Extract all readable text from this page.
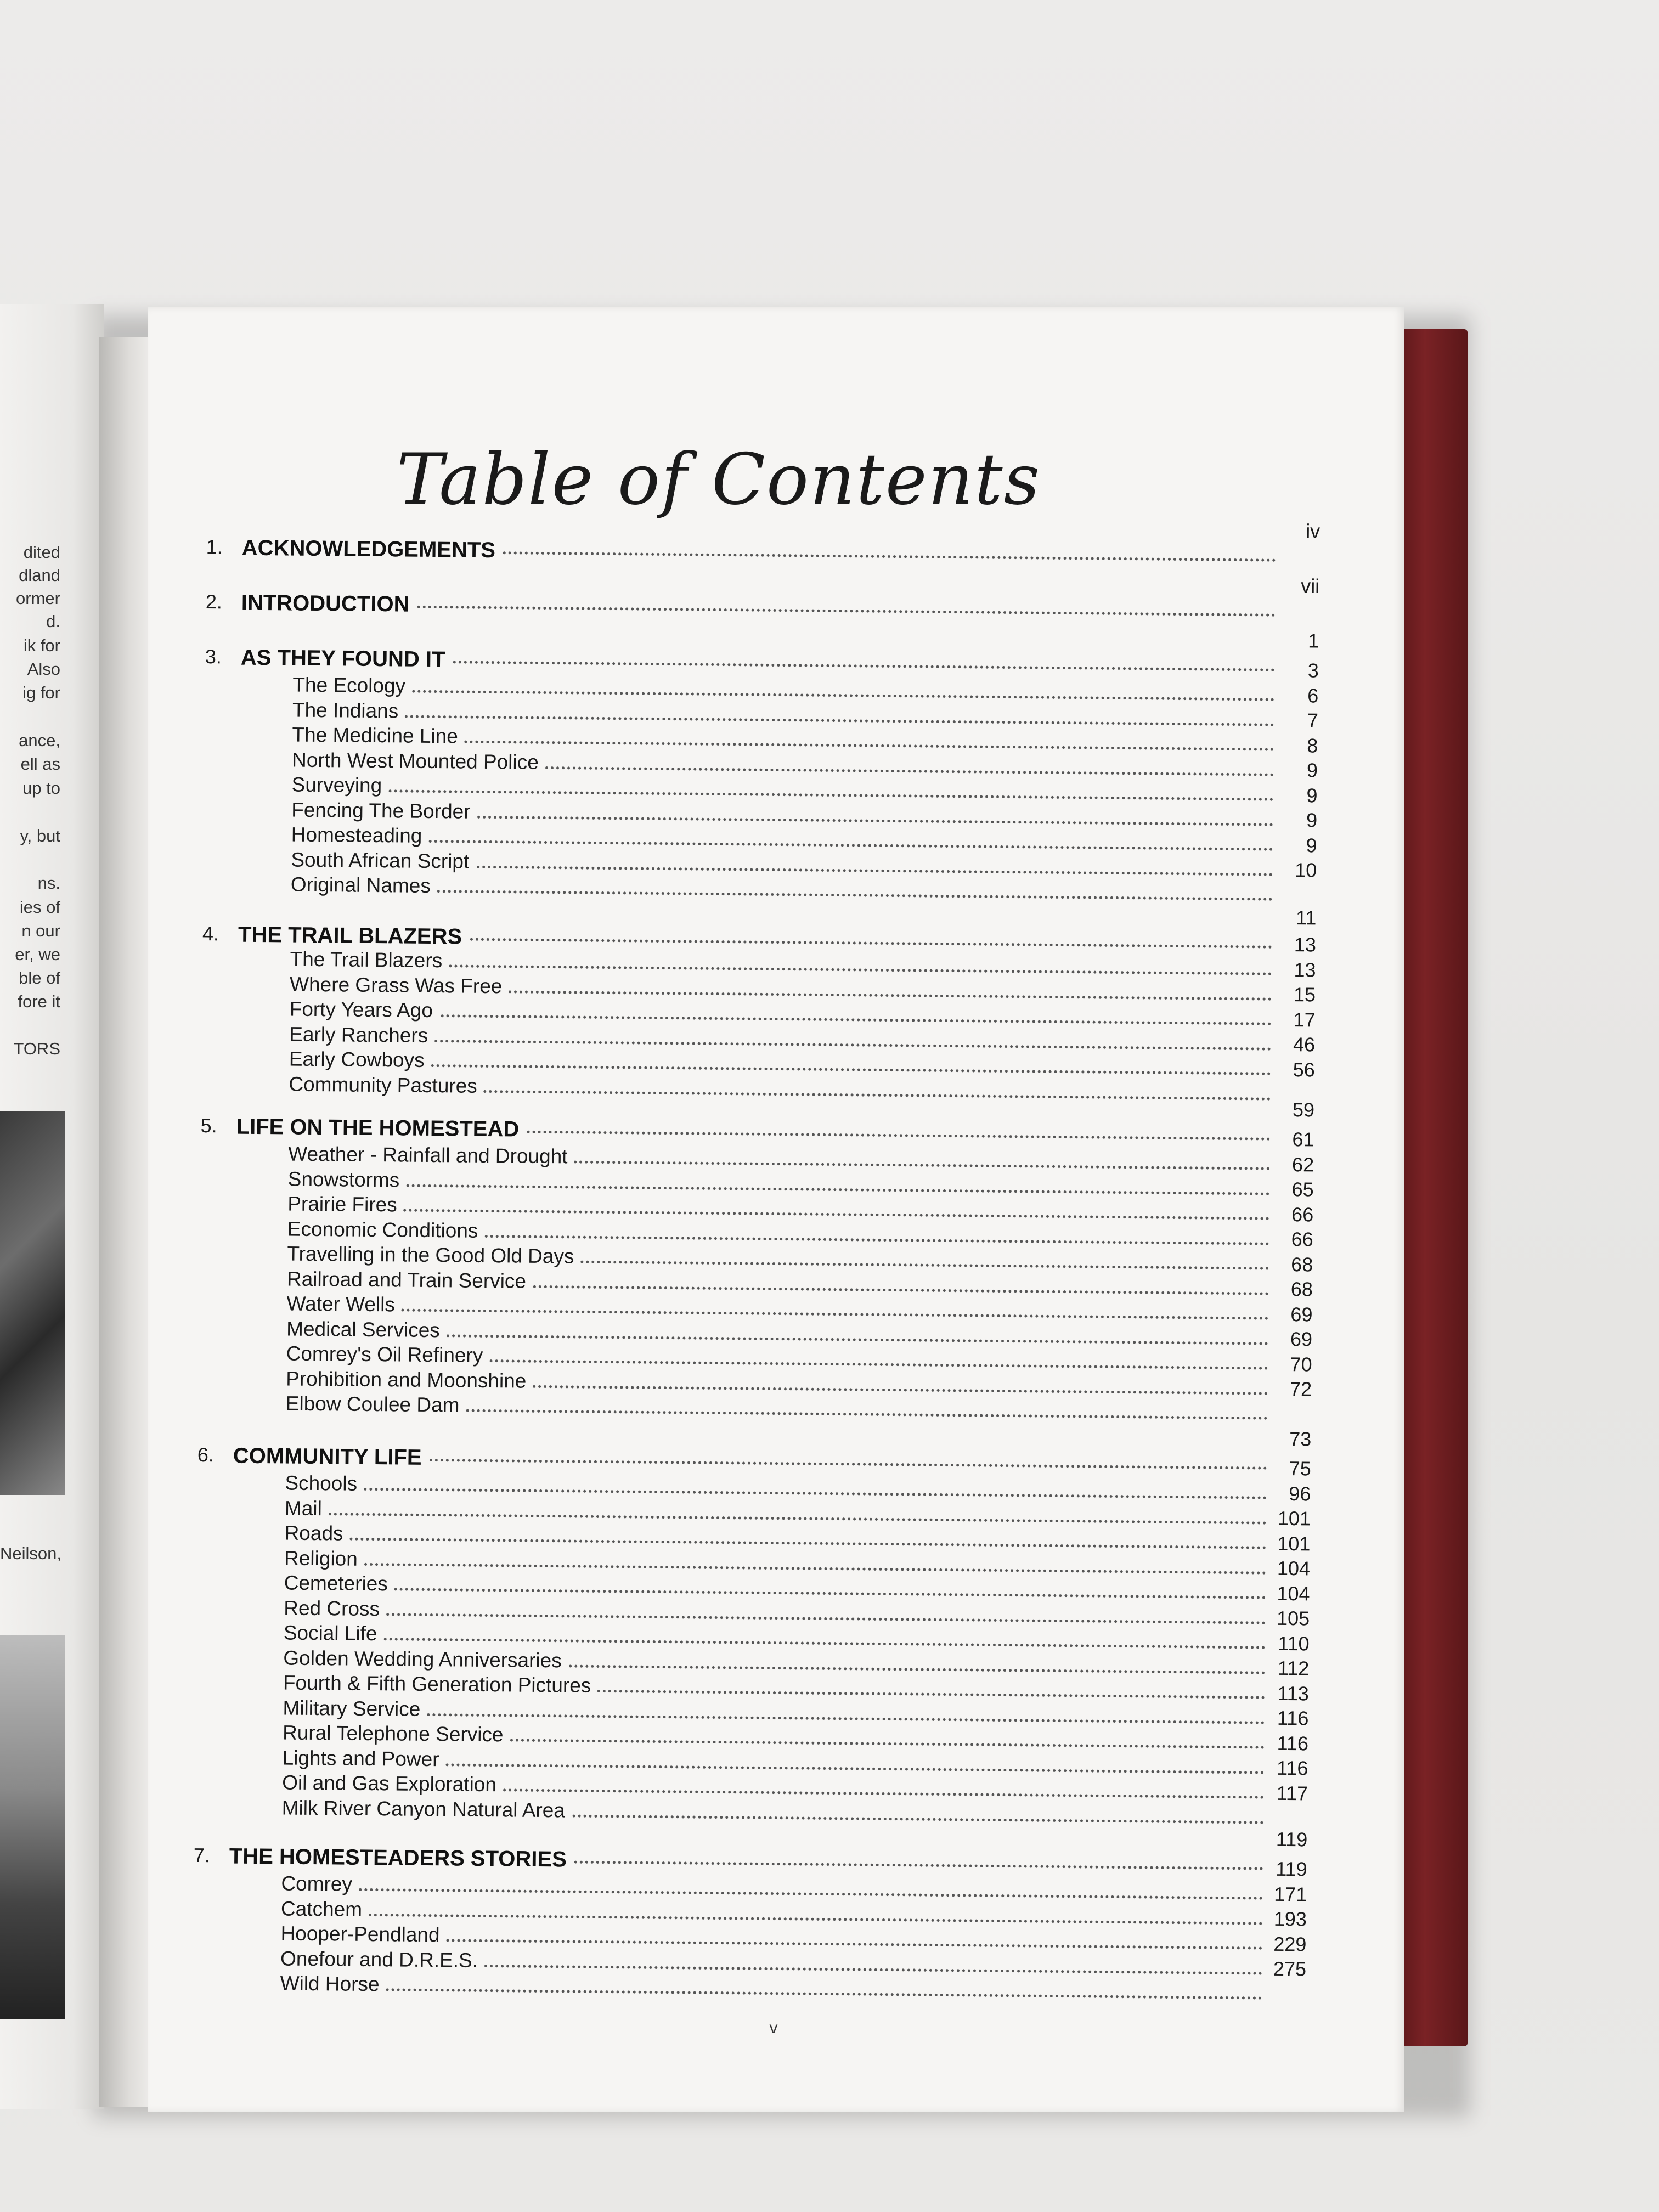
dited
dland
ormer
d.
ik for
Also
ig for
ance,
ell as
up to
y, but
ns.
ies of
n our
er, we
ble of
fore it
TORS
Neilson,
Table of Contents
1. ACKNOWLEDGEMENTS
iv
2. INTRODUCTION
vii
3. AS THEY FOUND IT
1
The Ecology
3
The Indians
6
The Medicine Line
7
North West Mounted Police
8
Surveying
9
Fencing The Border
9
Homesteading
9
South African Script
9
Original Names
10
4. THE TRAIL BLAZERS
11
The Trail Blazers
13
Where Grass Was Free
13
Forty Years Ago
15
Early Ranchers
17
Early Cowboys
46
Community Pastures
56
5. LIFE ON THE HOMESTEAD
59
Weather - Rainfall and Drought
61
Snowstorms
62
Prairie Fires
65
Economic Conditions
66
Travelling in the Good Old Days
66
Railroad and Train Service
68
Water Wells
68
Medical Services
69
Comrey's Oil Refinery
69
Prohibition and Moonshine
70
Elbow Coulee Dam
72
6. COMMUNITY LIFE
73
Schools
75
Mail
96
Roads
101
Religion
101
Cemeteries
104
Red Cross
104
Social Life
105
Golden Wedding Anniversaries
110
Fourth & Fifth Generation Pictures
112
Military Service
113
Rural Telephone Service
116
Lights and Power
116
Oil and Gas Exploration
116
Milk River Canyon Natural Area
117
7. THE HOMESTEADERS STORIES
119
Comrey
119
Catchem
171
Hooper-Pendland
193
Onefour and D.R.E.S.
229
Wild Horse
275
v
